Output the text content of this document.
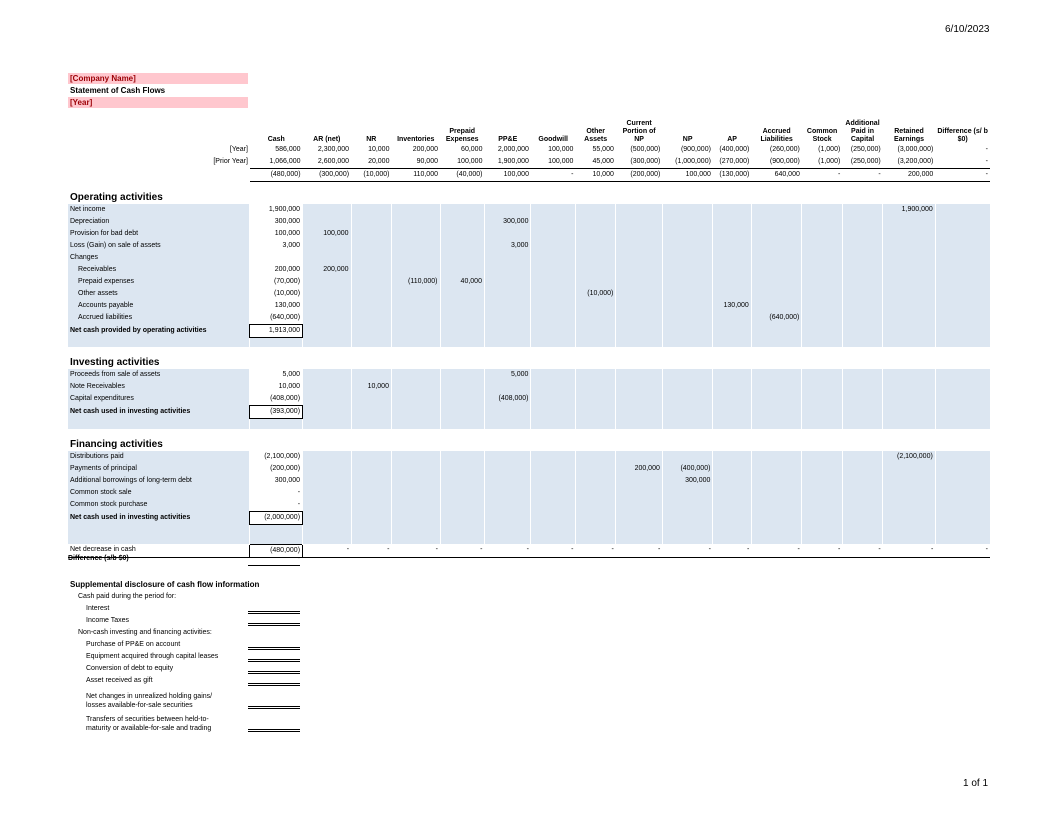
6/10/2023
[Company Name]
Statement of Cash Flows
[Year]
	Cash	AR (net)	NR	Inventories	Prepaid Expenses	PP&E	Goodwill	Other Assets	Current Portion of NP	NP	AP	Accrued Liabilities	Common Stock	Additional Paid in Capital	Retained Earnings	Difference (s/ b $0)
[Year]	586,000	2,300,000	10,000	200,000	60,000	2,000,000	100,000	55,000	(500,000)	(900,000)	(400,000)	(260,000)	(1,000)	(250,000)	(3,000,000)	-
[Prior Year]	1,066,000	2,600,000	20,000	90,000	100,000	1,900,000	100,000	45,000	(300,000)	(1,000,000)	(270,000)	(900,000)	(1,000)	(250,000)	(3,200,000)	-
	(480,000)	(300,000)	(10,000)	110,000	(40,000)	100,000	-	10,000	(200,000)	100,000	(130,000)	640,000	-	-	200,000	-

Operating activities																
Net income	1,900,000														1,900,000	
Depreciation	300,000					300,000										
Provision for bad debt	100,000	100,000														
Loss (Gain) on sale of assets	3,000					3,000										
Changes																
Receivables	200,000	200,000														
Prepaid expenses	(70,000)			(110,000)	40,000											
Other assets	(10,000)							(10,000)								
Accounts payable	130,000										130,000					
Accrued liabilities	(640,000)											(640,000)				
Net cash provided by operating activities	1,913,000															

Investing activities																
Proceeds from sale of assets	5,000					5,000										
Note Receivables	10,000		10,000													
Capital expenditures	(408,000)					(408,000)										
Net cash used in investing activities	(393,000)															

Financing activities																
Distributions paid	(2,100,000)														(2,100,000)	
Payments of principal	(200,000)								200,000	(400,000)						
Additional borrowings of long-term debt	300,000									300,000						
Common stock sale	-															
Common stock purchase	-															
Net cash used in investing activities	(2,000,000)															

Net decrease in cash	(480,000)	-	-	-	-	-	-	-	-	-	-	-	-	-	-	-
Difference (s/b $0)	-
Supplemental disclosure of cash flow information
Cash paid during the period for:
Interest
Income Taxes
Non-cash investing and financing activities:
Purchase of PP&E on account
Equipment acquired through capital leases
Conversion of debt to equity
Asset received as gift
Net changes in unrealized holding gains/
losses available-for-sale securities
Transfers of securities between held-to-
maturity or available-for-sale and trading
1 of 1
